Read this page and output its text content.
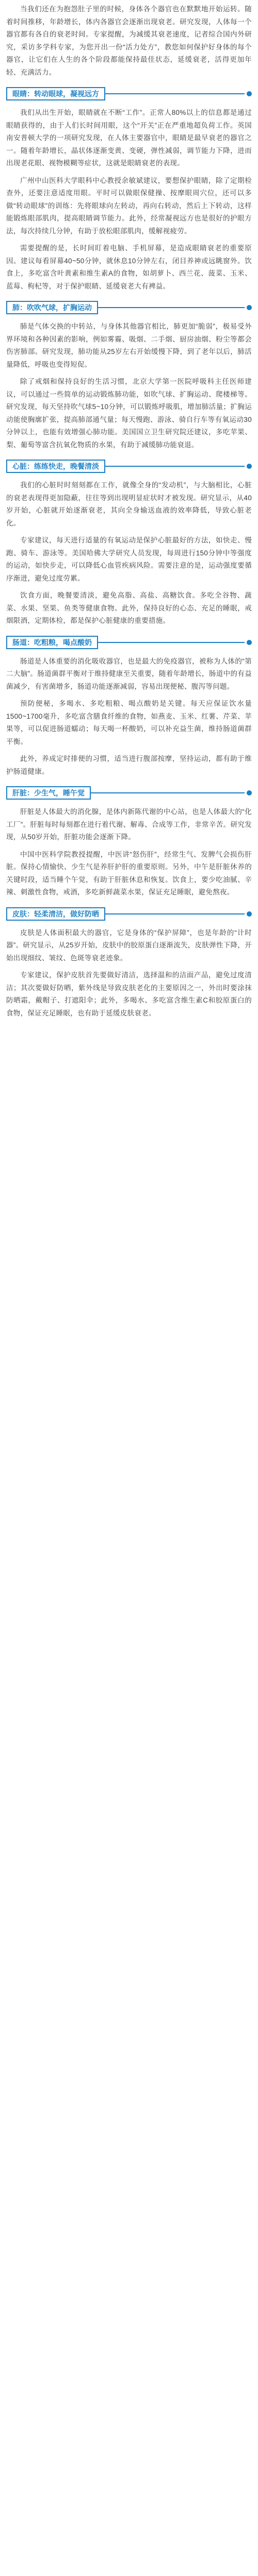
当我们还在为抱怨肚子里的时候，身体各个器官也在默默地开始运转。随着时间推移，年龄增长，体内各器官会逐渐出现衰老。研究发现，人体每一个器官都有各自的衰老时间。专家提醒，为减缓其衰老速度，记者综合国内外研究，采访多学科专家，为您开出一份“活力处方”，教您如何保护好身体的每个器官，让它们在人生的各个阶段都能保持最佳状态，延缓衰老，活得更加年轻、充满活力。

眼睛：转动眼球，凝视远方

我们从出生开始，眼睛就在不断“工作”。正常人80%以上的信息都是通过眼睛获得的，由于人们长时间用眼，这个“开关”正在严重地超负荷工作。英国南安普顿大学的一项研究发现，在人体主要器官中，眼睛是最早衰老的器官之一。随着年龄增长，晶状体逐渐变黄、变硬，弹性减弱，调节能力下降，进而出现老花眼、视物模糊等症状，这就是眼睛衰老的表现。

广州中山医科大学眼科中心教授余敏斌建议，要想保护眼睛，除了定期检查外，还要注意适度用眼。平时可以做眼保健操、按摩眼周穴位，还可以多做“转动眼球”的训练：先将眼球向左转动，再向右转动，然后上下转动，这样能锻炼眼部肌肉，提高眼睛调节能力。此外，经常凝视远方也是很好的护眼方法，每次持续几分钟，有助于放松眼部肌肉，缓解视疲劳。

需要提醒的是，长时间盯着电脑、手机屏幕，是造成眼睛衰老的重要原因。建议每看屏幕40~50分钟，就休息10分钟左右，闭目养神或远眺窗外。饮食上，多吃富含叶黄素和维生素A的食物，如胡萝卜、西兰花、菠菜、玉米、蓝莓、枸杞等，对于保护眼睛、延缓衰老大有裨益。

肺：吹吹气球，扩胸运动

肺是气体交换的中转站，与身体其他器官相比，肺更加“脆弱”，极易受外界环境和各种因素的影响，例如雾霾、吸烟、二手烟、厨房油烟、粉尘等都会伤害肺部。研究发现，肺功能从25岁左右开始缓慢下降，到了老年以后，肺活量降低，呼吸也变得短促。

除了戒烟和保持良好的生活习惯，北京大学第一医院呼吸科主任医师建议，可以通过一些简单的运动锻炼肺功能，如吹气球、扩胸运动、爬楼梯等。研究发现，每天坚持吹气球5~10分钟，可以锻炼呼吸肌，增加肺活量；扩胸运动能使胸廓扩张，提高肺部通气量；每天慢跑、游泳、骑自行车等有氧运动30分钟以上，也能有效增强心肺功能。美国国立卫生研究院还建议，多吃苹果、梨、葡萄等富含抗氧化物质的水果，有助于减缓肺功能衰退。

心脏：练练快走，晚餐清淡

我们的心脏时时刻刻都在工作，就像全身的“发动机”，与大脑相比，心脏的衰老表现得更加隐蔽，往往等到出现明显症状时才被发现。研究显示，从40岁开始，心脏就开始逐渐衰老，其向全身输送血液的效率降低，导致心脏老化。

专家建议，每天进行适量的有氧运动是保护心脏最好的方法，如快走、慢跑、骑车、游泳等。美国哈佛大学研究人员发现，每周进行150分钟中等强度的运动，如快步走，可以降低心血管疾病风险。需要注意的是，运动强度要循序渐进，避免过度劳累。

饮食方面，晚餐要清淡，避免高脂、高盐、高糖饮食。多吃全谷物、蔬菜、水果、坚果、鱼类等健康食物。此外，保持良好的心态、充足的睡眠，戒烟限酒，定期体检，都是保护心脏健康的重要措施。

肠道：吃粗粮，喝点酸奶

肠道是人体重要的消化吸收器官，也是最大的免疫器官，被称为人体的“第二大脑”。肠道菌群平衡对于维持健康至关重要，随着年龄增长，肠道中的有益菌减少，有害菌增多，肠道功能逐渐减弱，容易出现便秘、腹泻等问题。

预防便秘，多喝水、多吃粗粮、喝点酸奶是关键。每天应保证饮水量1500~1700毫升，多吃富含膳食纤维的食物，如燕麦、玉米、红薯、芹菜、苹果等，可以促进肠道蠕动；每天喝一杯酸奶，可以补充益生菌，维持肠道菌群平衡。

此外，养成定时排便的习惯，适当进行腹部按摩，坚持运动，都有助于维护肠道健康。

肝脏：少生气，睡午觉

肝脏是人体最大的消化腺，是体内新陈代谢的中心站，也是人体最大的“化工厂”。肝脏每时每刻都在进行着代谢、解毒、合成等工作，非常辛苦。研究发现，从50岁开始，肝脏功能会逐渐下降。

中国中医科学院教授提醒，中医讲“怒伤肝”，经常生气、发脾气会损伤肝脏。保持心情愉快、少生气是养肝护肝的重要原则。另外，中午是肝脏休养的关键时段，适当睡个午觉，有助于肝脏休息和恢复。饮食上，要少吃油腻、辛辣、刺激性食物，戒酒，多吃新鲜蔬菜水果，保证充足睡眠，避免熬夜。

皮肤：轻柔清洁，做好防晒

皮肤是人体面积最大的器官，它是身体的“保护屏障”，也是年龄的“计时器”。研究显示，从25岁开始，皮肤中的胶原蛋白逐渐流失，皮肤弹性下降，开始出现细纹、皱纹、色斑等衰老迹象。

专家建议，保护皮肤首先要做好清洁，选择温和的洁面产品，避免过度清洁；其次要做好防晒，紫外线是导致皮肤老化的主要原因之一，外出时要涂抹防晒霜，戴帽子、打遮阳伞；此外，多喝水、多吃富含维生素C和胶原蛋白的食物，保证充足睡眠，也有助于延缓皮肤衰老。
